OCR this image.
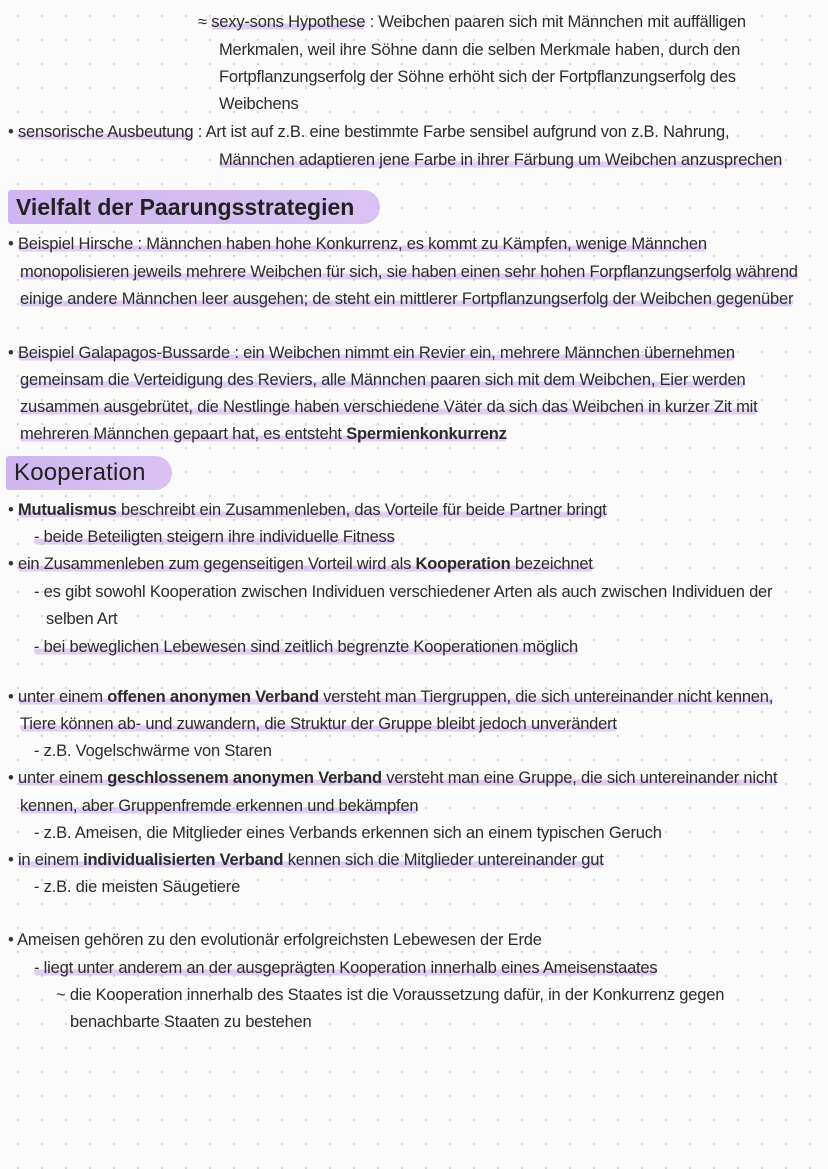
≈ sexy-sons Hypothese : Weibchen paaren sich mit Männchen mit auffälligen
Merkmalen, weil ihre Söhne dann die selben Merkmale haben, durch den
Fortpflanzungserfolg der Söhne erhöht sich der Fortpflanzungserfolg des
Weibchens
• sensorische Ausbeutung : Art ist auf z.B. eine bestimmte Farbe sensibel aufgrund von z.B. Nahrung,
Männchen adaptieren jene Farbe in ihrer Färbung um Weibchen anzusprechen
Vielfalt der Paarungsstrategien
• Beispiel Hirsche : Männchen haben hohe Konkurrenz, es kommt zu Kämpfen, wenige Männchen
monopolisieren jeweils mehrere Weibchen für sich, sie haben einen sehr hohen Forpflanzungserfolg während
einige andere Männchen leer ausgehen; de steht ein mittlerer Fortpflanzungserfolg der Weibchen gegenüber
• Beispiel Galapagos-Bussarde : ein Weibchen nimmt ein Revier ein, mehrere Männchen übernehmen
gemeinsam die Verteidigung des Reviers, alle Männchen paaren sich mit dem Weibchen, Eier werden
zusammen ausgebrütet, die Nestlinge haben verschiedene Väter da sich das Weibchen in kurzer Zit mit
mehreren Männchen gepaart hat, es entsteht Spermienkonkurrenz
Kooperation
• Mutualismus beschreibt ein Zusammenleben, das Vorteile für beide Partner bringt
- beide Beteiligten steigern ihre individuelle Fitness
• ein Zusammenleben zum gegenseitigen Vorteil wird als Kooperation bezeichnet
- es gibt sowohl Kooperation zwischen Individuen verschiedener Arten als auch zwischen Individuen der
selben Art
- bei beweglichen Lebewesen sind zeitlich begrenzte Kooperationen möglich
• unter einem offenen anonymen Verband versteht man Tiergruppen, die sich untereinander nicht kennen,
Tiere können ab- und zuwandern, die Struktur der Gruppe bleibt jedoch unverändert
- z.B. Vogelschwärme von Staren
• unter einem geschlossenem anonymen Verband versteht man eine Gruppe, die sich untereinander nicht
kennen, aber Gruppenfremde erkennen und bekämpfen
- z.B. Ameisen, die Mitglieder eines Verbands erkennen sich an einem typischen Geruch
• in einem individualisierten Verband kennen sich die Mitglieder untereinander gut
- z.B. die meisten Säugetiere
• Ameisen gehören zu den evolutionär erfolgreichsten Lebewesen der Erde
- liegt unter anderem an der ausgeprägten Kooperation innerhalb eines Ameisenstaates
~ die Kooperation innerhalb des Staates ist die Voraussetzung dafür, in der Konkurrenz gegen
benachbarte Staaten zu bestehen
